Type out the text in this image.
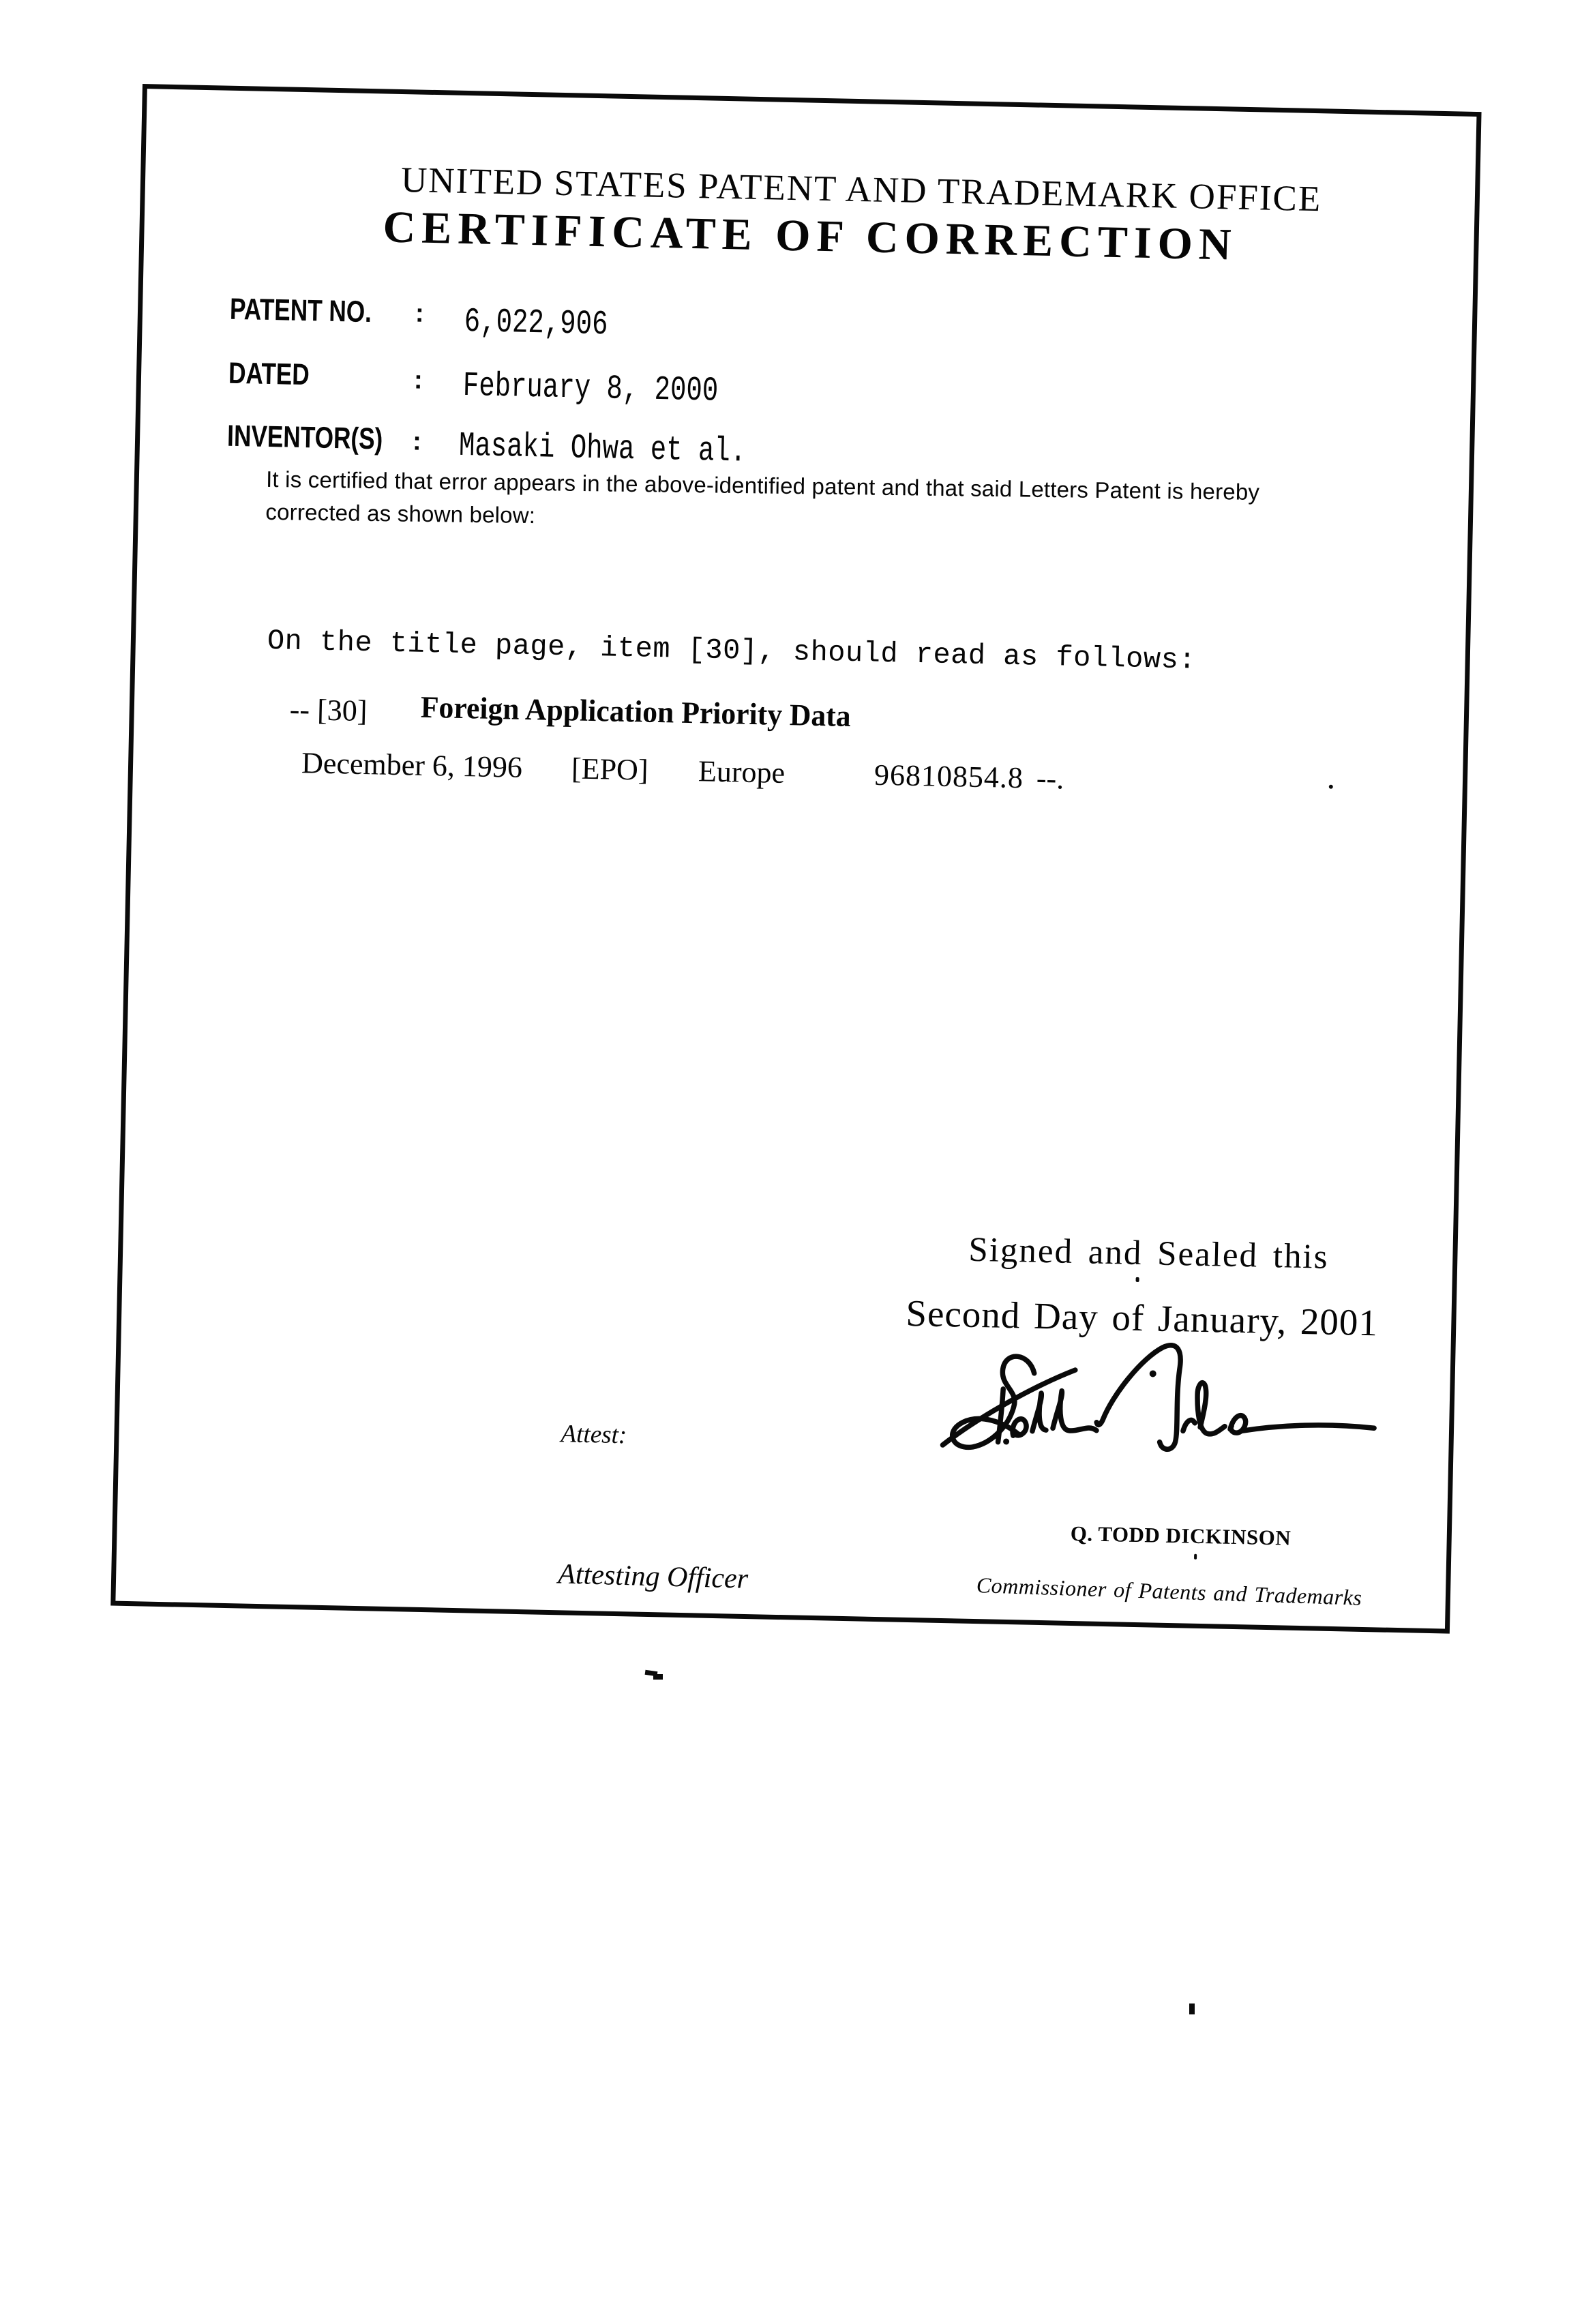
UNITED STATES PATENT AND TRADEMARK OFFICE
CERTIFICATE OF CORRECTION
PATENT NO. : 6,022,906
DATED	: February 8, 2000
INVENTOR(S) : Masaki Ohwa et al.
It is certified that error appears in the above-identified patent and that said Letters Patent is hereby
corrected as shown below:
On the title page, item [30], should read as follows:
-- [30] Foreign Application Priority Data
December 6, 1996 [EPO] Europe	96810854.8 --.
Signed and Sealed this
Second Day of January, 2001
Attest:
Q. TODD DICKINSON
Attesting Officer	Commissioner of Patents and Trademarks
